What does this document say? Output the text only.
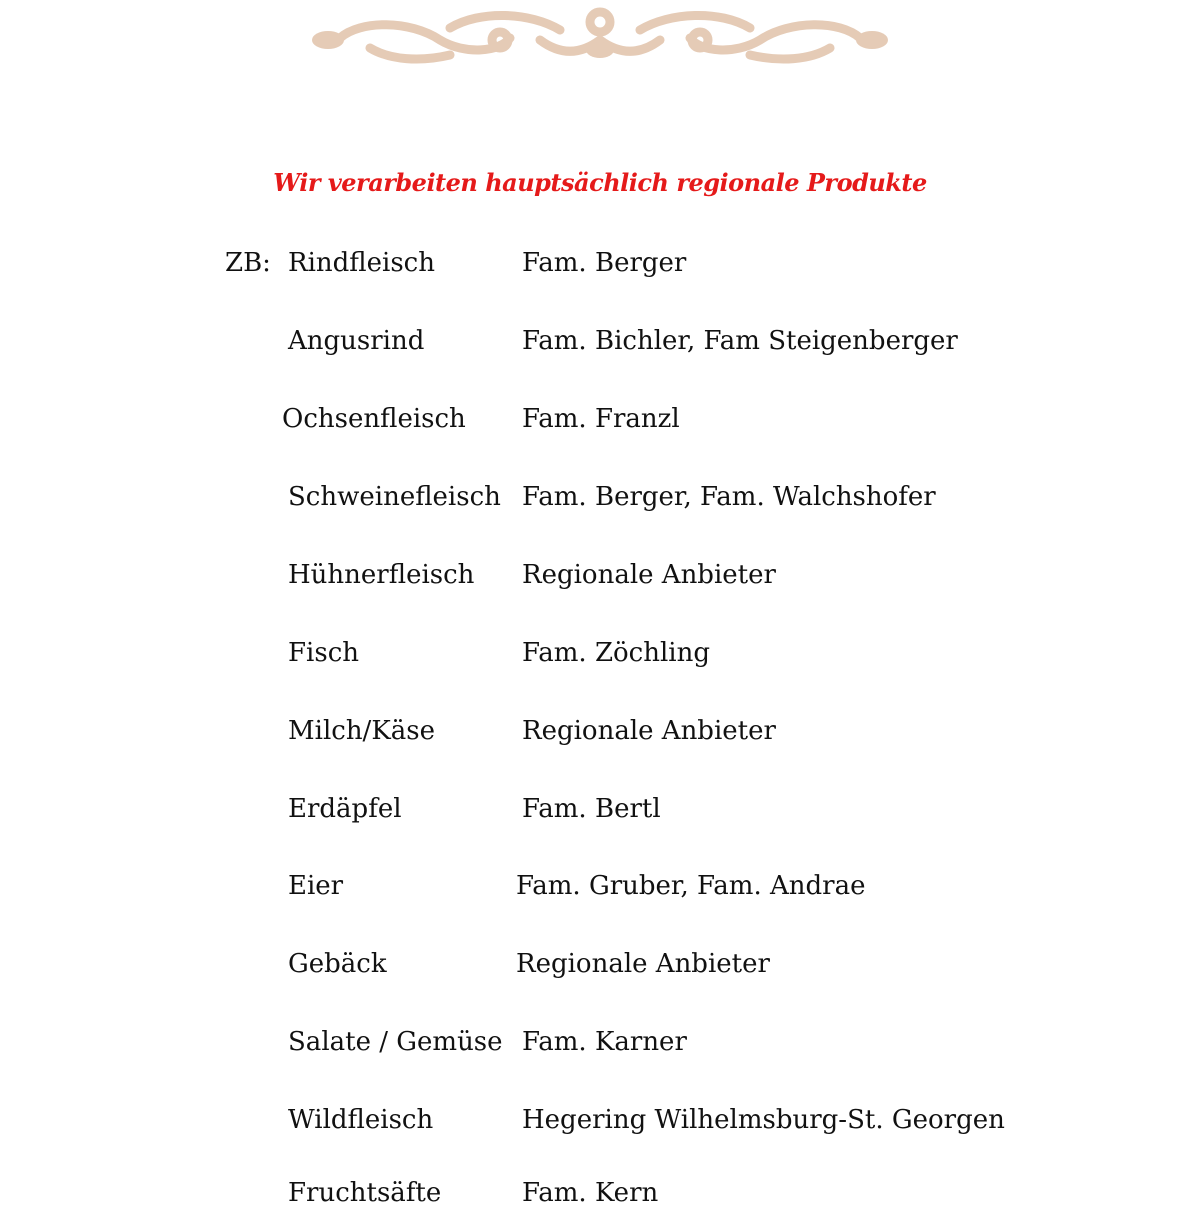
Wir verarbeiten hauptsächlich regionale Produkte
ZB: Rindfleisch	Fam. Berger
Angusrind	Fam. Bichler, Fam Steigenberger
Ochsenfleisch Fam. Franzl
Schweinefleisch Fam. Berger, Fam. Walchshofer
Hühnerfleisch Regionale Anbieter
Fisch	Fam. Zöchling
Milch/Käse	Regionale Anbieter
Erdäpfel	Fam. Bertl
Eier	Fam. Gruber, Fam. Andrae
Gebäck	Regionale Anbieter
Salate / Gemüse Fam. Karner
Wildfleisch	Hegering Wilhelmsburg-St. Georgen
Fruchtsäfte	Fam. Kern
